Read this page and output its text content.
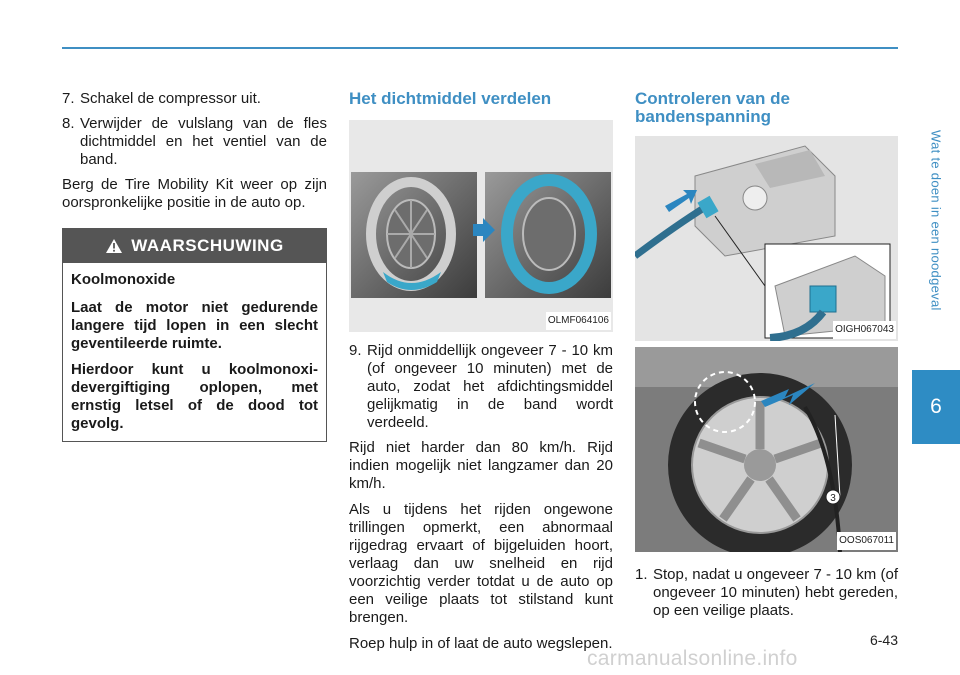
Wat te doen in een noodgeval
6
7. Schakel de compressor uit.
8. Verwijder de vulslang van de fles dichtmiddel en het ventiel van de band.

Berg de Tire Mobility Kit weer op zijn oorspronkelijke positie in de auto op.

WAARSCHUWING
Koolmonoxide

Laat de motor niet gedurende langere tijd lopen in een slecht geventileerde ruimte.

Hierdoor kunt u koolmonoxi-devergiftiging oplopen, met ernstig letsel of de dood tot gevolg.

Het dichtmiddel verdelen
OLMF064106
9. Rijd onmiddellijk ongeveer 7 - 10 km (of ongeveer 10 minuten) met de auto, zodat het afdichtingsmiddel gelijkmatig in de band wordt verdeeld.

Rijd niet harder dan 80 km/h. Rijd indien mogelijk niet langzamer dan 20 km/h.

Als u tijdens het rijden ongewone trillingen opmerkt, een abnormaal rijgedrag ervaart of bijgeluiden hoort, verlaag dan uw snelheid en rijd voorzichtig verder totdat u de auto op een veilige plaats tot stilstand kunt brengen.

Roep hulp in of laat de auto wegslepen.

Controleren van de bandenspanning
OIGH067043
3
OOS067011
1. Stop, nadat u ongeveer 7 - 10 km (of ongeveer 10 minuten) hebt gereden, op een veilige plaats.
6-43
carmanualsonline.info
